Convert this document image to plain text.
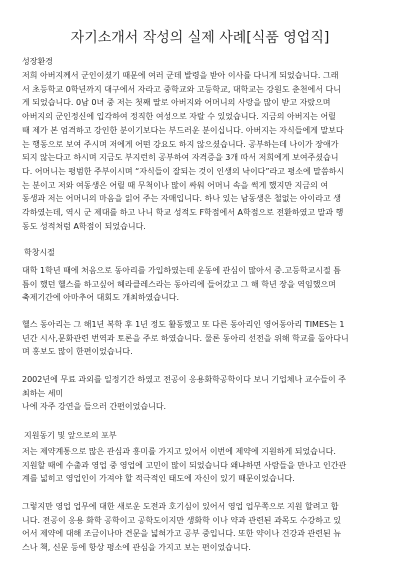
자기소개서 작성의 실제 사례[식품 영업직]
성장환경
저희 아버지께서 군인이셨기 때문에 여러 군데 발령을 받아 이사를 다니게 되었습니다. 그래
서 초등학교 0학년까지 대구에서 자라고 중학교와 고등학교, 대학교는 강원도 춘천에서 다니
게 되었습니다. 0남 0녀 중 저는 첫째 딸로 아버지와 어머니의 사랑을 많이 받고 자랐으며
아버지의 군인정신에 입각하여 정직한 여성으로 자랄 수 있었습니다. 지금의 아버지는 어릴
때 제가 본 엄격하고 강인한 분이기보다는 부드러운 분이십니다. 아버지는 자식들에게 말보다
는 행동으로 보여 주시며 저에게 어떤 강요도 하지 않으셨습니다. 공부하는데 나이가 장애가
되지 않는다고 하시며 지금도 부지런히 공부하여 자격증을 3개 따서 저희에게 보여주셨습니
다. 어머니는 평범한 주부이시며 “자식들이 잘되는 것이 인생의 낙이다”라고 평소에 말씀하시
는 분이고 저와 여동생은 어릴 때 무척이나 많이 싸워 어머니 속을 썩게 했지만 지금의 여
동생과 저는 어머니의 마음을 읽어 주는 자매입니다. 하나 있는 남동생은 철없는 아이라고 생
각하였는데, 역시 군 제대를 하고 나니 학교 성적도 F학점에서 A학점으로 전환하였고 말과 행
동도 성적처럼 A학점이 되었습니다.
학창시절
대학 1학년 때에 처음으로 동아리를 가입하였는데 운동에 관심이 많아서 중.고등학교시절 틈
틈이 했던 헬스를 하고싶어 헤라클레스라는 동아리에 들어갔고 그 해 학년 장을 역임했으며
축제기간에 아마추어 대회도 개최하였습니다.
헬스 동아리는 그 해1년 복학 후 1년 정도 활동했고 또 다른 동아리인 영어동아리 TIMES는 1
년간 시사,문화관련 번역과 토론을 주로 하였습니다. 물론 동아리 선전을 위해 학교를 돌아다니
며 홍보도 많이 한편이었습니다.
2002년에 무료 과외를 일정기간 하였고 전공이 응용화학공학이다 보니 기업체나 교수들이 주
최하는 세미
나에 자주 강연을 들으러 간편이었습니다.
지원동기 및 앞으로의 포부
저는 제약계통으로 많은 관심과 흥미를 가지고 있어서 이번에 제약에 지원하게 되었습니다.
지원할 때에 수출과 영업 중 영업에 고민이 많이 되었습니다 왜냐하면 사람들을 만나고 인간관
계를 넓히고 영업인이 가져야 할 적극적인 태도에 자신이 있기 때문이었습니다.
그렇지만 영업 업무에 대한 새로운 도전과 호기심이 있어서 영업 업무쪽으로 지원 할려고 합
니다. 전공이 응용 화학 공학이고 공학도이지만 생화학 이나 약과 관련된 과목도 수강하고 있
어서 제약에 대해 조금이나마 견문을 넓혀가고 공부 중입니다. 또한 약이나 건강과 관련된 뉴
스나 책, 신문 등에 항상 평소에 관심을 가지고 보는 편이었습니다.
